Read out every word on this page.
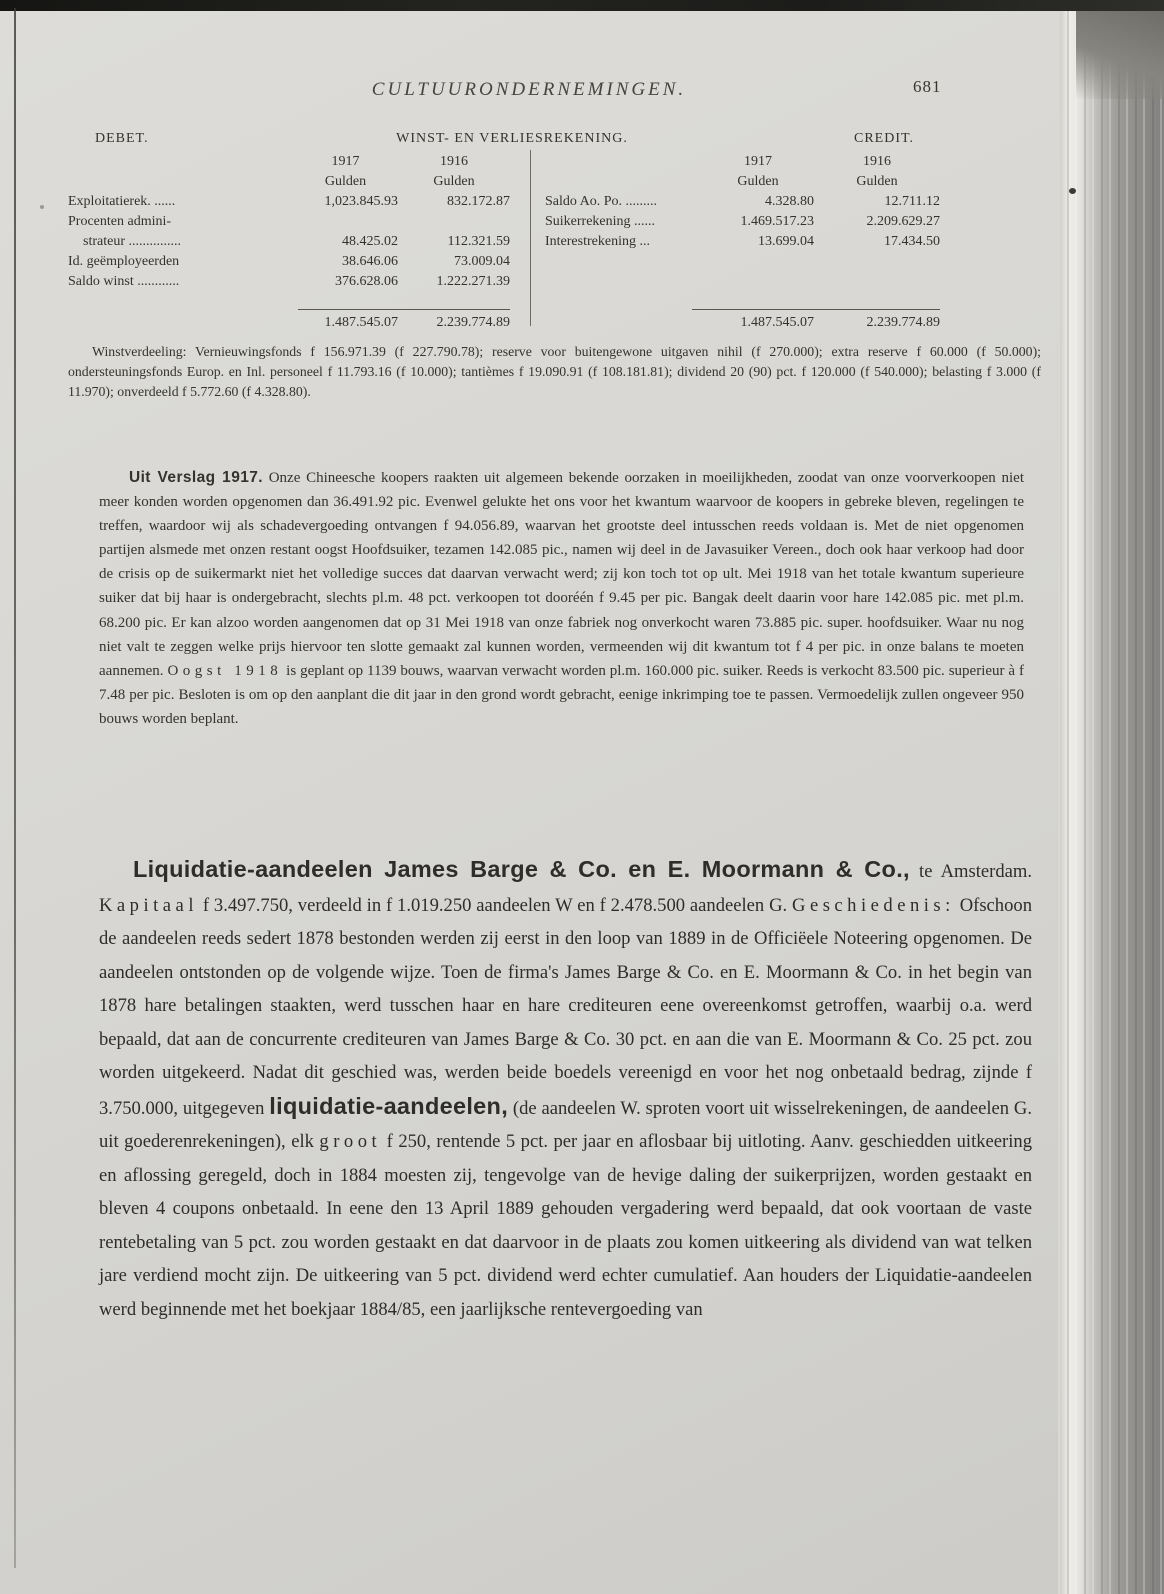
CULTUURONDERNEMINGEN.	681
DEBET.	WINST- EN VERLIESREKENING.	CREDIT.
1917	1916
Gulden	Gulden
Exploitatierek. ......	1,023.845.93	832.172.87
Procenten admini-
strateur ...............	48.425.02	112.321.59
Id. geëmployeerden	38.646.06	73.009.04
Saldo winst ............	376.628.06	1.222.271.39
1.487.545.07	2.239.774.89
1917	1916
Gulden	Gulden
Saldo Ao. Po. .........	4.328.80	12.711.12
Suikerrekening ......	1.469.517.23	2.209.629.27
Interestrekening ...	13.699.04	17.434.50
1.487.545.07	2.239.774.89

Winstverdeeling: Vernieuwingsfonds f 156.971.39 (f 227.790.78); reserve voor buitengewone uitgaven nihil (f 270.000); extra reserve f 60.000 (f 50.000); ondersteuningsfonds Europ. en Inl. personeel f 11.793.16 (f 10.000); tantièmes f 19.090.91 (f 108.181.81); dividend 20 (90) pct. f 120.000 (f 540.000); belasting f 3.000 (f 11.970); onverdeeld f 5.772.60 (f 4.328.80).

Uit Verslag 1917. Onze Chineesche koopers raakten uit algemeen bekende oorzaken in moeilijkheden, zoodat van onze voorverkoopen niet meer konden worden opgenomen dan 36.491.92 pic. Evenwel gelukte het ons voor het kwantum waarvoor de koopers in gebreke bleven, regelingen te treffen, waardoor wij als schadevergoeding ontvangen f 94.056.89, waarvan het grootste deel intusschen reeds voldaan is. Met de niet opgenomen partijen alsmede met onzen restant oogst Hoofdsuiker, tezamen 142.085 pic., namen wij deel in de Javasuiker Vereen., doch ook haar verkoop had door de crisis op de suikermarkt niet het volledige succes dat daarvan verwacht werd; zij kon toch tot op ult. Mei 1918 van het totale kwantum superieure suiker dat bij haar is ondergebracht, slechts pl.m. 48 pct. verkoopen tot dooréén f 9.45 per pic. Bangak deelt daarin voor hare 142.085 pic. met pl.m. 68.200 pic. Er kan alzoo worden aangenomen dat op 31 Mei 1918 van onze fabriek nog onverkocht waren 73.885 pic. super. hoofdsuiker. Waar nu nog niet valt te zeggen welke prijs hiervoor ten slotte gemaakt zal kunnen worden, vermeenden wij dit kwantum tot f 4 per pic. in onze balans te moeten aannemen. Oogst 1918 is geplant op 1139 bouws, waarvan verwacht worden pl.m. 160.000 pic. suiker. Reeds is verkocht 83.500 pic. superieur à f 7.48 per pic. Besloten is om op den aanplant die dit jaar in den grond wordt gebracht, eenige inkrimping toe te passen. Vermoedelijk zullen ongeveer 950 bouws worden beplant.

Liquidatie-aandeelen James Barge & Co. en E. Moormann & Co., te Amsterdam. Kapitaal f 3.497.750, verdeeld in f 1.019.250 aandeelen W en f 2.478.500 aandeelen G. Geschiedenis: Ofschoon de aandeelen reeds sedert 1878 bestonden werden zij eerst in den loop van 1889 in de Officiëele Noteering opgenomen. De aandeelen ontstonden op de volgende wijze. Toen de firma's James Barge & Co. en E. Moormann & Co. in het begin van 1878 hare betalingen staakten, werd tusschen haar en hare crediteuren eene overeenkomst getroffen, waarbij o.a. werd bepaald, dat aan de concurrente crediteuren van James Barge & Co. 30 pct. en aan die van E. Moormann & Co. 25 pct. zou worden uitgekeerd. Nadat dit geschied was, werden beide boedels vereenigd en voor het nog onbetaald bedrag, zijnde f 3.750.000, uitgegeven liquidatie-aandeelen, (de aandeelen W. sproten voort uit wisselrekeningen, de aandeelen G. uit goederenrekeningen), elk groot f 250, rentende 5 pct. per jaar en aflosbaar bij uitloting. Aanv. geschiedden uitkeering en aflossing geregeld, doch in 1884 moesten zij, tengevolge van de hevige daling der suikerprijzen, worden gestaakt en bleven 4 coupons onbetaald. In eene den 13 April 1889 gehouden vergadering werd bepaald, dat ook voortaan de vaste rentebetaling van 5 pct. zou worden gestaakt en dat daarvoor in de plaats zou komen uitkeering als dividend van wat telken jare verdiend mocht zijn. De uitkeering van 5 pct. dividend werd echter cumulatief. Aan houders der Liquidatie-aandeelen werd beginnende met het boekjaar 1884/85, een jaarlijksche rentevergoeding van
